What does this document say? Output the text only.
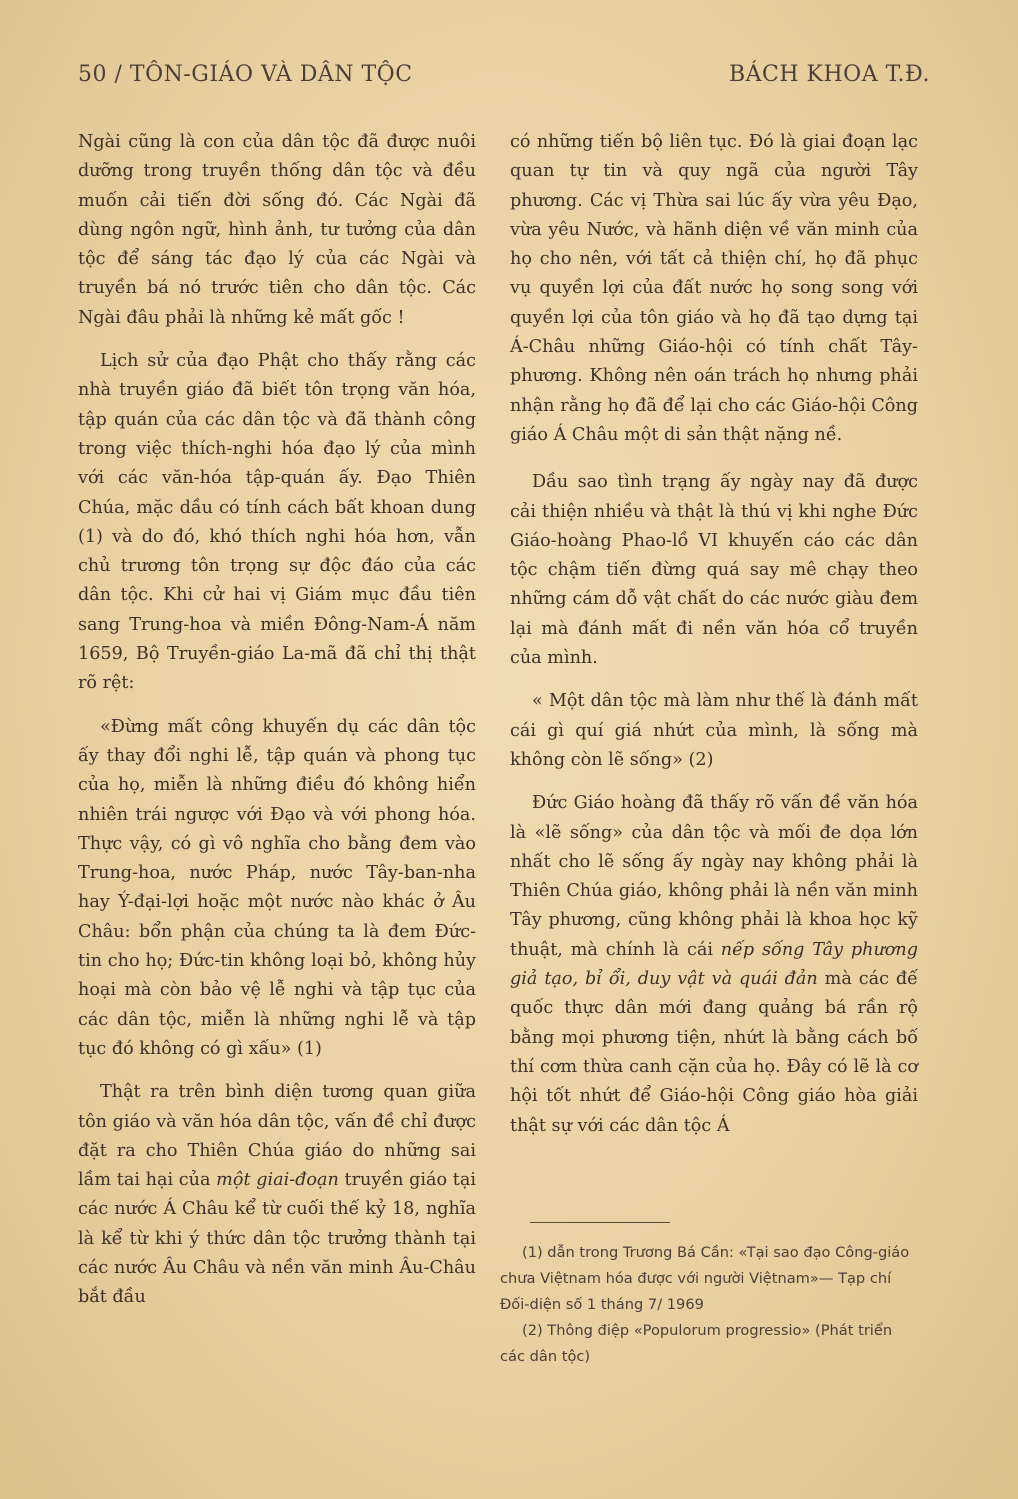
50 / TÔN-GIÁO VÀ DÂN TỘC	BÁCH KHOA T.Đ.

Ngài cũng là con của dân tộc đã được nuôi dưỡng trong truyền thống dân tộc và đều muốn cải tiến đời sống đó. Các Ngài đã dùng ngôn ngữ, hình ảnh, tư tưởng của dân tộc để sáng tác đạo lý của các Ngài và truyền bá nó trước tiên cho dân tộc. Các Ngài đâu phải là những kẻ mất gốc !

Lịch sử của đạo Phật cho thấy rằng các nhà truyền giáo đã biết tôn trọng văn hóa, tập quán của các dân tộc và đã thành công trong việc thích-nghi hóa đạo lý của mình với các văn-hóa tập-quán ấy. Đạo Thiên Chúa, mặc dầu có tính cách bất khoan dung (1) và do đó, khó thích nghi hóa hơn, vẫn chủ trương tôn trọng sự độc đáo của các dân tộc. Khi cử hai vị Giám mục đầu tiên sang Trung-hoa và miền Đông-Nam-Á năm 1659, Bộ Truyền-giáo La-mã đã chỉ thị thật rõ rệt:

«Đừng mất công khuyến dụ các dân tộc ấy thay đổi nghi lễ, tập quán và phong tục của họ, miễn là những điều đó không hiển nhiên trái ngược với Đạo và với phong hóa. Thực vậy, có gì vô nghĩa cho bằng đem vào Trung-hoa, nước Pháp, nước Tây-ban-nha hay Ý-đại-lợi hoặc một nước nào khác ở Âu Châu: bổn phận của chúng ta là đem Đức-tin cho họ; Đức-tin không loại bỏ, không hủy hoại mà còn bảo vệ lễ nghi và tập tục của các dân tộc, miễn là những nghi lễ và tập tục đó không có gì xấu» (1)

Thật ra trên bình diện tương quan giữa tôn giáo và văn hóa dân tộc, vấn đề chỉ được đặt ra cho Thiên Chúa giáo do những sai lầm tai hại của một giai-đoạn truyền giáo tại các nước Á Châu kể từ cuối thế kỷ 18, nghĩa là kể từ khi ý thức dân tộc trưởng thành tại các nước Âu Châu và nền văn minh Âu-Châu bắt đầu

có những tiến bộ liên tục. Đó là giai đoạn lạc quan tự tin và quy ngã của người Tây phương. Các vị Thừa sai lúc ấy vừa yêu Đạo, vừa yêu Nước, và hãnh diện về văn minh của họ cho nên, với tất cả thiện chí, họ đã phục vụ quyền lợi của đất nước họ song song với quyền lợi của tôn giáo và họ đã tạo dựng tại Á-Châu những Giáo-hội có tính chất Tây-phương. Không nên oán trách họ nhưng phải nhận rằng họ đã để lại cho các Giáo-hội Công giáo Á Châu một di sản thật nặng nề.

Dầu sao tình trạng ấy ngày nay đã được cải thiện nhiều và thật là thú vị khi nghe Đức Giáo-hoàng Phao-lồ VI khuyến cáo các dân tộc chậm tiến đừng quá say mê chạy theo những cám dỗ vật chất do các nước giàu đem lại mà đánh mất đi nền văn hóa cổ truyền của mình.

« Một dân tộc mà làm như thế là đánh mất cái gì quí giá nhứt của mình, là sống mà không còn lẽ sống» (2)

Đức Giáo hoàng đã thấy rõ vấn đề văn hóa là «lẽ sống» của dân tộc và mối đe dọa lớn nhất cho lẽ sống ấy ngày nay không phải là Thiên Chúa giáo, không phải là nền văn minh Tây phương, cũng không phải là khoa học kỹ thuật, mà chính là cái nếp sống Tây phương giả tạo, bỉ ổi, duy vật và quái đản mà các đế quốc thực dân mới đang quảng bá rần rộ bằng mọi phương tiện, nhứt là bằng cách bố thí cơm thừa canh cặn của họ. Đây có lẽ là cơ hội tốt nhứt để Giáo-hội Công giáo hòa giải thật sự với các dân tộc Á

(1) dẫn trong Trương Bá Cần: «Tại sao đạo Công-giáo chưa Việtnam hóa được với người Việtnam»— Tạp chí Đối-diện số 1 tháng 7/ 1969

(2) Thông điệp «Populorum progressio» (Phát triển các dân tộc)
